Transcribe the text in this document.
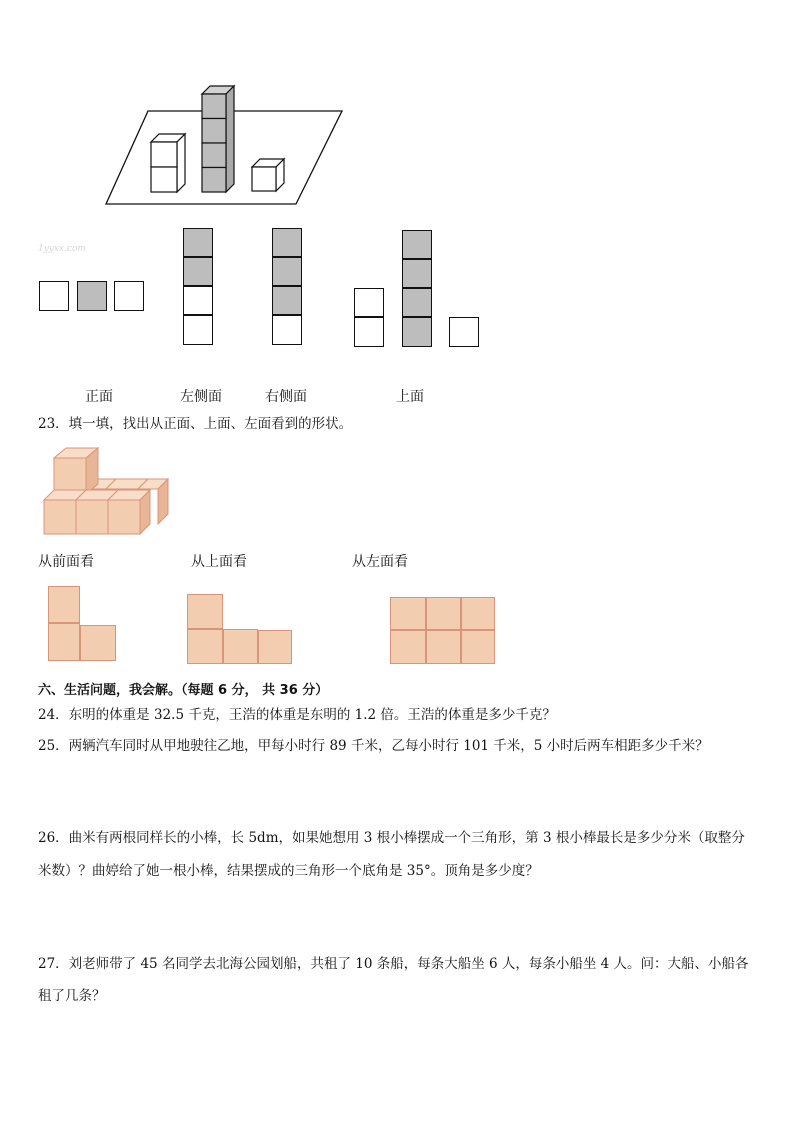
1yyxx.com
正面	左侧面	右侧面	上面
23．填一填，找出从正面、上面、左面看到的形状。
从前面看	从上面看	从左面看
六、生活问题，我会解。（每题 6 分， 共 36 分）
24．东明的体重是 32.5 千克，王浩的体重是东明的 1.2 倍。王浩的体重是多少千克？
25．两辆汽车同时从甲地驶往乙地，甲每小时行 89 千米，乙每小时行 101 千米，5 小时后两车相距多少千米？
26．曲米有两根同样长的小棒，长 5dm，如果她想用 3 根小棒摆成一个三角形，第 3 根小棒最长是多少分米（取整分
米数）？曲婷给了她一根小棒，结果摆成的三角形一个底角是 35°。顶角是多少度？
27．刘老师带了 45 名同学去北海公园划船，共租了 10 条船，每条大船坐 6 人，每条小船坐 4 人。问：大船、小船各
租了几条？
